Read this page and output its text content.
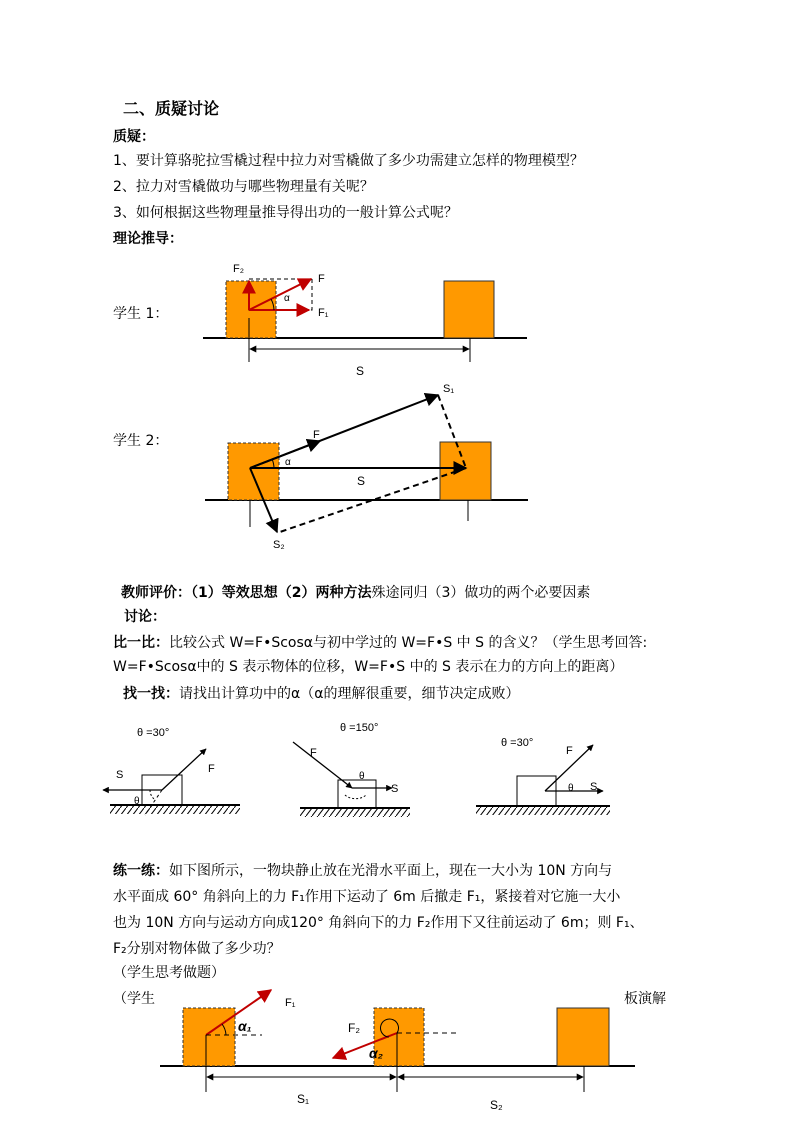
二、质疑讨论
质疑：
1、要计算骆驼拉雪橇过程中拉力对雪橇做了多少功需建立怎样的物理模型？
2、拉力对雪橇做功与哪些物理量有关呢？
3、如何根据这些物理量推导得出功的一般计算公式呢？
理论推导：
学生 1：
学生 2：
F₂
F
F₁
α
S
α
F
S
S₁
S₂
θ =30°
S	F
θ
θ =150°
F
S
θ
θ =30°
F
S
θ
F₁
F₂
α₁
α₂
S₁	S₂
教师评价：（1）等效思想（2）两种方法殊途同归（3）做功的两个必要因素
讨论：
比一比：比较公式 W=F•Scosα与初中学过的 W=F•S 中 S 的含义？（学生思考回答:
W=F•Scosα中的 S 表示物体的位移，W=F•S 中的 S 表示在力的方向上的距离）
找一找：请找出计算功中的α（α的理解很重要，细节决定成败）
练一练：如下图所示，一物块静止放在光滑水平面上，现在一大小为 10N 方向与
水平面成 60° 角斜向上的力 F₁作用下运动了 6m 后撤走 F₁，紧接着对它施一大小
也为 10N 方向与运动方向成120° 角斜向下的力 F₂作用下又往前运动了 6m；则 F₁、
F₂分别对物体做了多少功？
（学生思考做题）
（学生	板演解
